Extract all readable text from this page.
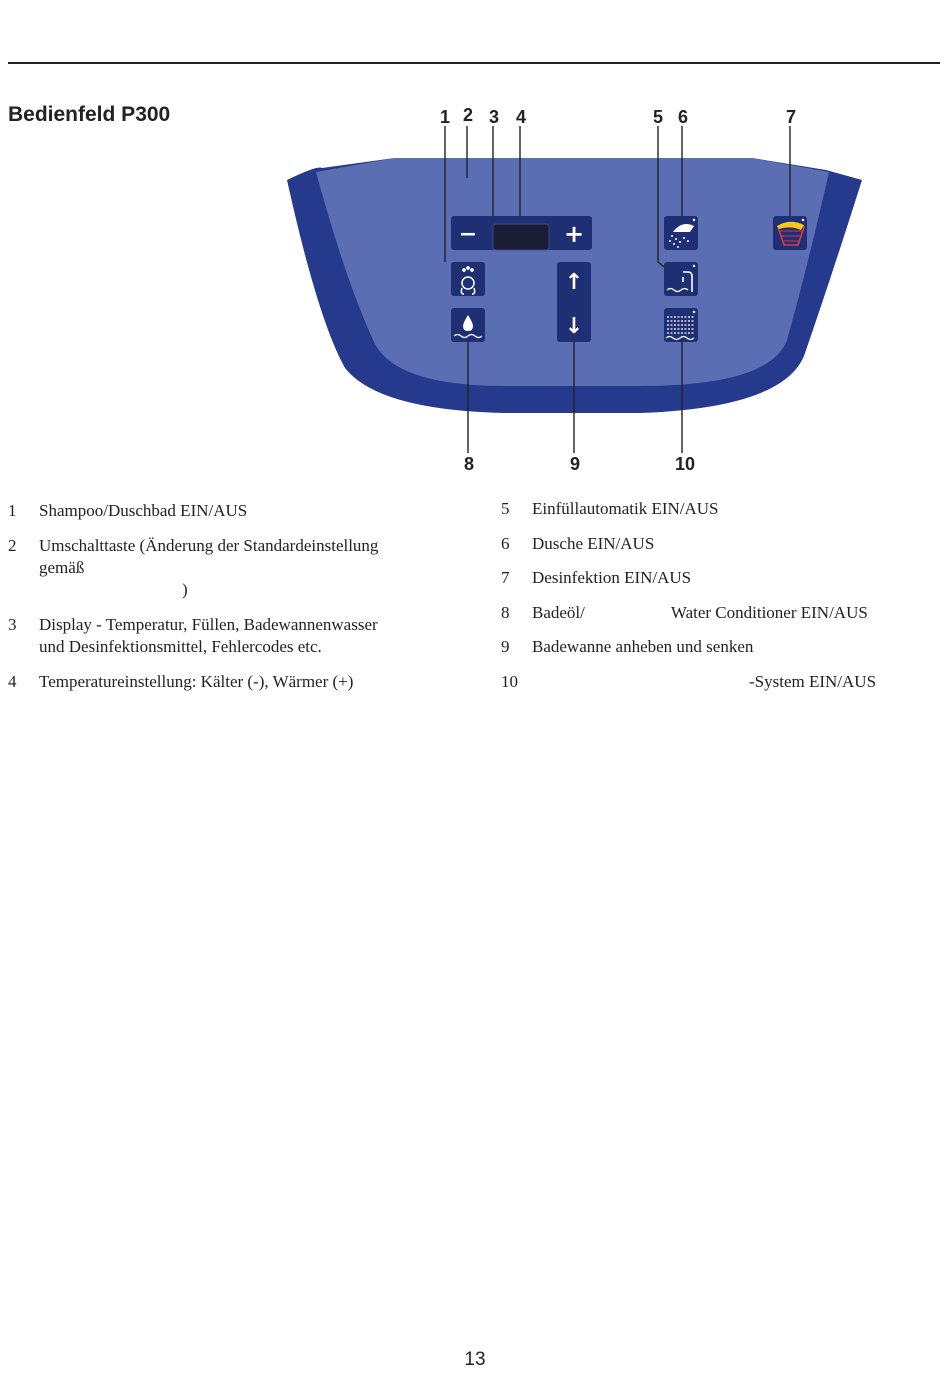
Bedienfeld P300	1 2 3 4	5 6	7
8	9	10
−	+
↑
↓
1 Shampoo/Duschbad EIN/AUS
2 Umschalttaste (Änderung der Standardeinstellung
gemäß
)
3 Display - Temperatur, Füllen, Badewannenwasser
und Desinfektionsmittel, Fehlercodes etc.
4 Temperatureinstellung: Kälter (-), Wärmer (+)
5 Einfüllautomatik EIN/AUS
6 Dusche EIN/AUS
7 Desinfektion EIN/AUS
8 Badeöl/	Water Conditioner EIN/AUS
9 Badewanne anheben und senken
10	-System EIN/AUS
13
